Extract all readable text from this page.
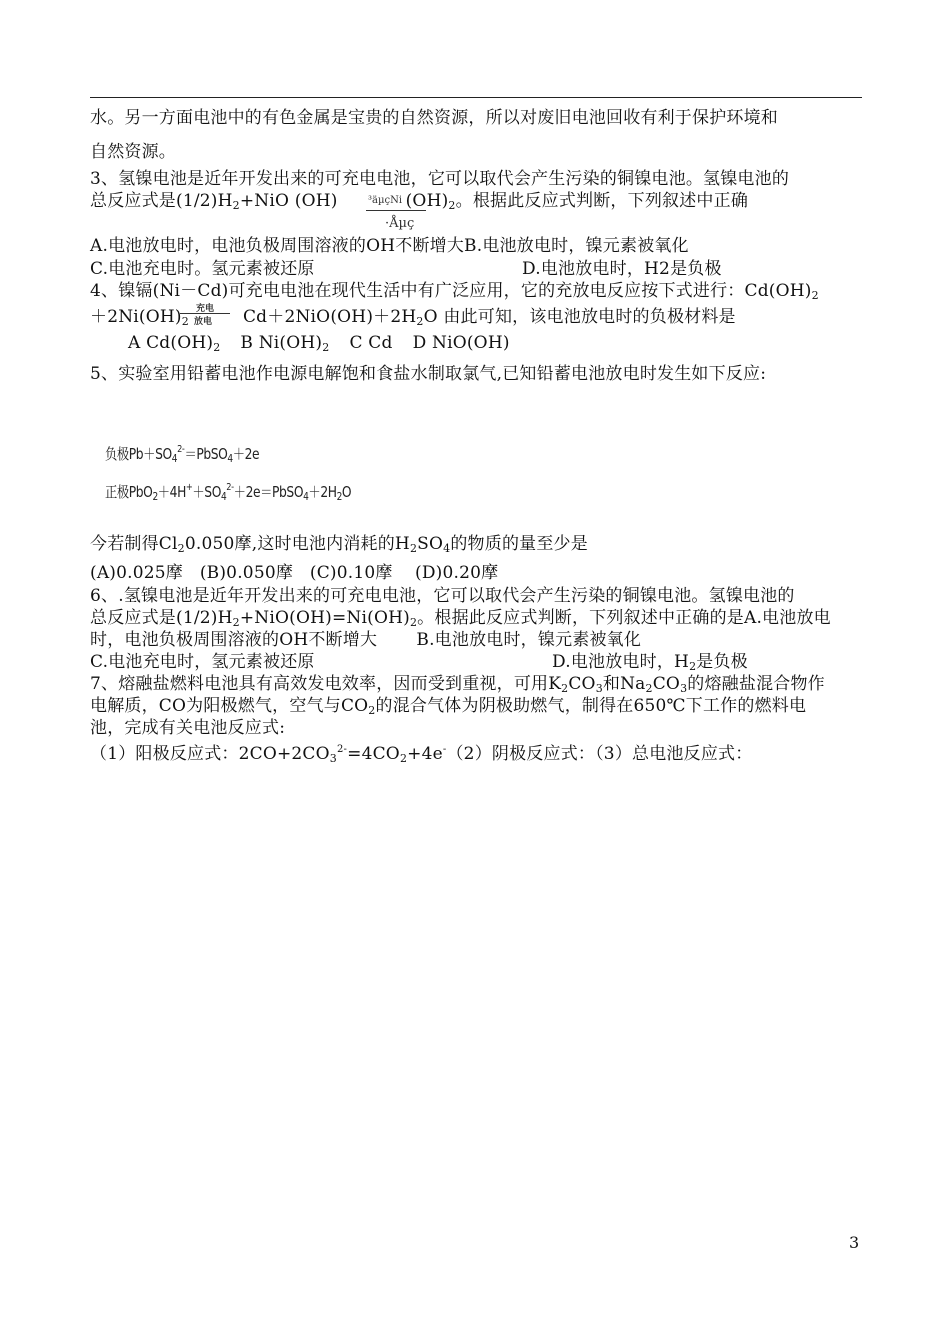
水。另一方面电池中的有色金属是宝贵的自然资源，所以对废旧电池回收有利于保护环境和
自然资源。
3、氢镍电池是近年开发出来的可充电电池，它可以取代会产生污染的铜镍电池。氢镍电池的
总反应式是$(1/2)H_2+NiO$ (OH)	$(OH)_2$。根据此反应式判断，下列叙述中正确
³äµçNi
·Åµç
A.电池放电时，电池负极周围溶液的OH不断增大B.电池放电时，镍元素被氧化
C.电池充电时。氢元素被还原	D.电池放电时，H2是负极
4、镍镉(Ni－Cd)可充电电池在现代生活中有广泛应用，它的充放电反应按下式进行：$Cd(OH)_2$
$+2Ni(OH)_2$	$Cd+2NiO(OH)+2H_2O$ 由此可知，该电池放电时的负极材料是
充电
放电
A $Cd(OH)_2$ B $Ni(OH)_2$ C Cd D NiO(OH)
5、实验室用铅蓄电池作电源电解饱和食盐水制取氯气,已知铅蓄电池放电时发生如下反应:
负极$Pb+SO_4^{2-}=PbSO_4+2e$
正极$PbO_2+4H^++SO_4^{2-}+2e=PbSO_4+2H_2O$
今若制得$Cl_20.050$摩,这时电池内消耗的$H_2SO_4$的物质的量至少是
(A)0.025摩   (B)0.050摩   (C)0.10摩    (D)0.20摩
6、.氢镍电池是近年开发出来的可充电电池，它可以取代会产生污染的铜镍电池。氢镍电池的
总反应式是$(1/2)H_2+NiO(OH)=Ni(OH)_2$。根据此反应式判断，下列叙述中正确的是A.电池放电
时，电池负极周围溶液的OH不断增大       B.电池放电时，镍元素被氧化
C.电池充电时，氢元素被还原	D.电池放电时，$H_2$是负极
7、熔融盐燃料电池具有高效发电效率，因而受到重视，可用$K_2CO_3$和$Na_2CO_3$的熔融盐混合物作
电解质，CO为阳极燃气，空气与$CO_2$的混合气体为阴极助燃气，制得在650℃下工作的燃料电
池，完成有关电池反应式:
（1）阳极反应式：$2CO+2CO_3^{2-}=4CO_2+4e^-(2)$阴极反应式：（3）总电池反应式：
3
